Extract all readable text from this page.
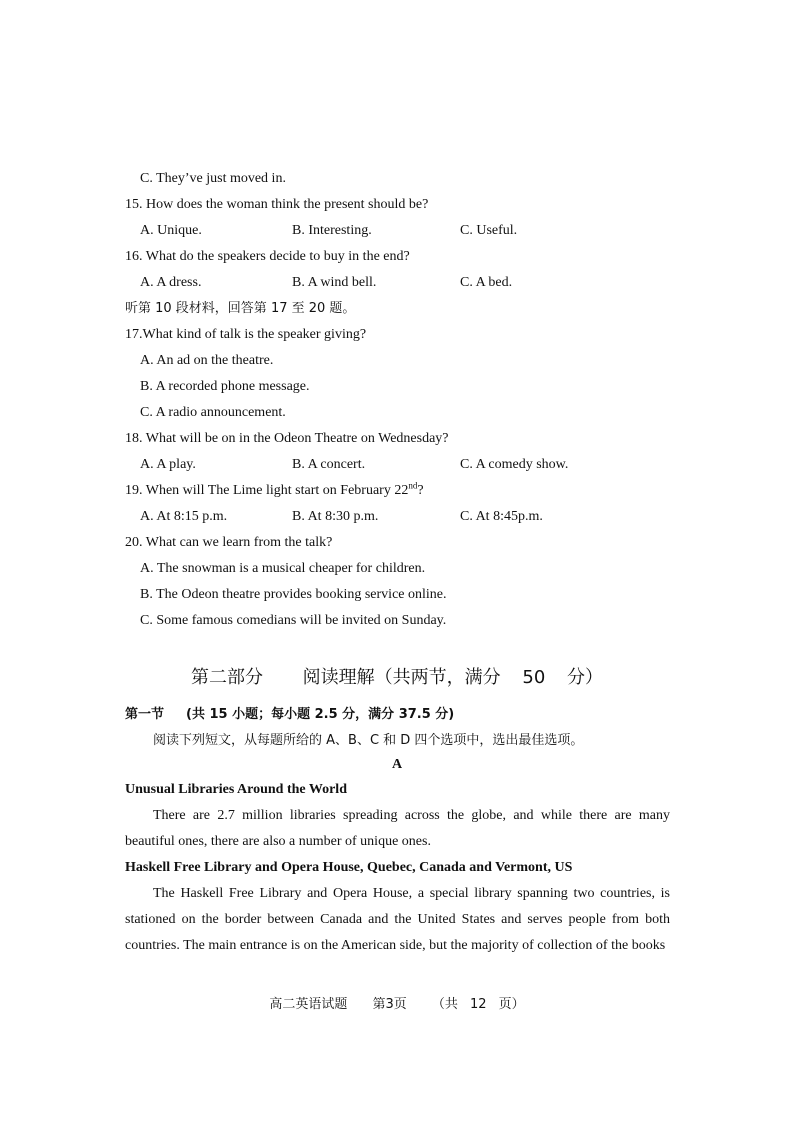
C. They’ve just moved in.
15. How does the woman think the present should be?
A. Unique.	B. Interesting.	C. Useful.
16. What do the speakers decide to buy in the end?
A. A dress.	B. A wind bell.	C. A bed.
听第 10 段材料，回答第 17 至 20 题。
17.What kind of talk is the speaker giving?
A. An ad on the theatre.
B. A recorded phone message.
C. A radio announcement.
18. What will be on in the Odeon Theatre on Wednesday?
A. A play.	B. A concert.	C. A comedy show.
19. When will The Lime light start on February 22nd?
A. At 8:15 p.m.	B. At 8:30 p.m.	C. At 8:45p.m.
20. What can we learn from the talk?
A. The snowman is a musical cheaper for children.
B. The Odeon theatre provides booking service online.
C. Some famous comedians will be invited on Sunday.
第二部分　 阅读理解（共两节，满分 50 分）
第一节 (共 15 小题；每小题 2.5 分，满分 37.5 分)
阅读下列短文，从每题所给的 A、B、C 和 D 四个选项中，选出最佳选项。
A
Unusual Libraries Around the World
There are 2.7 million libraries spreading across the globe, and while there are many beautiful ones, there are also a number of unique ones.
Haskell Free Library and Opera House, Quebec, Canada and Vermont, US
The Haskell Free Library and Opera House, a special library spanning two countries, is stationed on the border between Canada and the United States and serves people from both countries. The main entrance is on the American side, but the majority of collection of the books
高二英语试题 　第3页　 （共 12 页）
